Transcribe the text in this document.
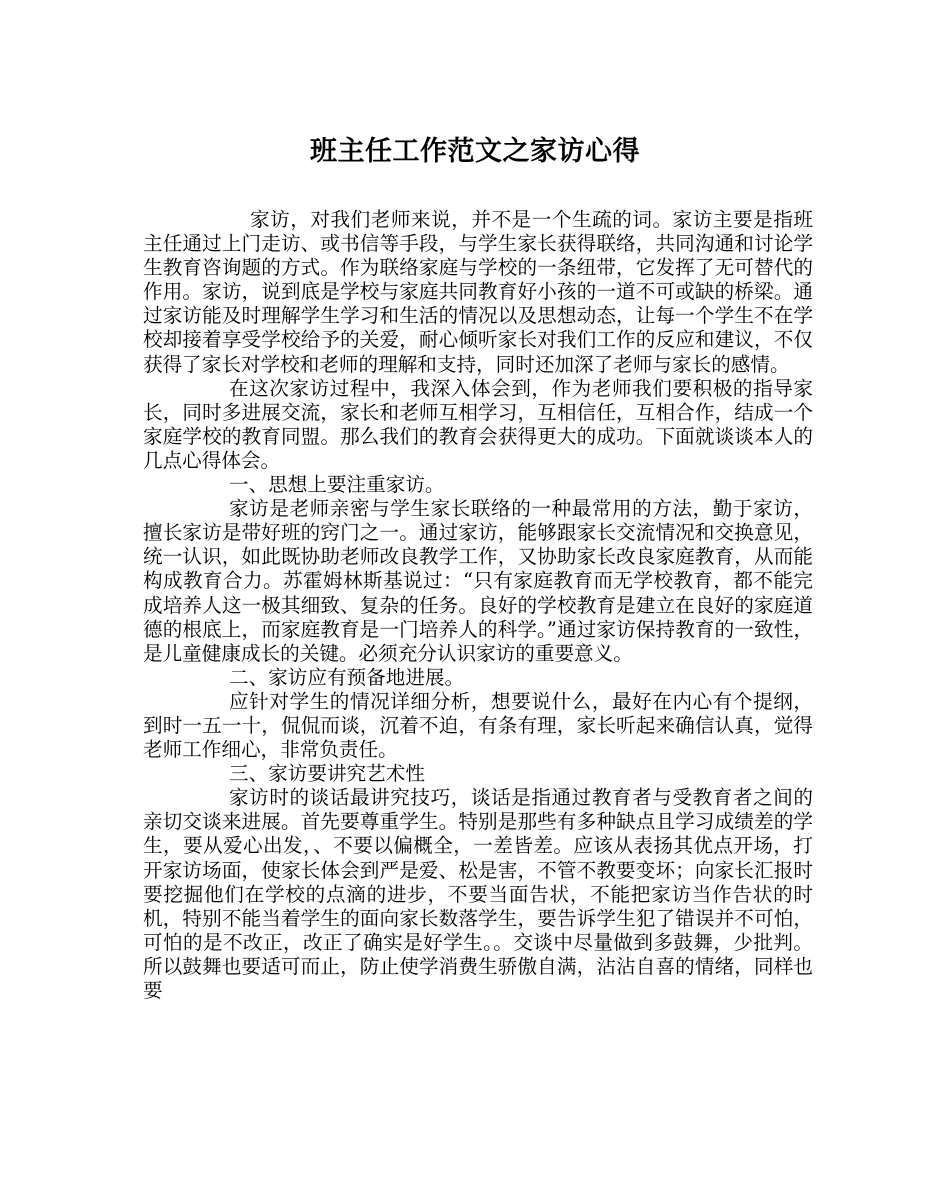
班主任工作范文之家访心得

家访，对我们老师来说，并不是一个生疏的词。家访主要是指班主任通过上门走访、或书信等手段，与学生家长获得联络，共同沟通和讨论学生教育咨询题的方式。作为联络家庭与学校的一条纽带，它发挥了无可替代的作用。家访，说到底是学校与家庭共同教育好小孩的一道不可或缺的桥梁。通过家访能及时理解学生学习和生活的情况以及思想动态，让每一个学生不在学校却接着享受学校给予的关爱，耐心倾听家长对我们工作的反应和建议，不仅获得了家长对学校和老师的理解和支持，同时还加深了老师与家长的感情。

在这次家访过程中，我深入体会到，作为老师我们要积极的指导家长，同时多进展交流，家长和老师互相学习，互相信任，互相合作，结成一个家庭学校的教育同盟。那么我们的教育会获得更大的成功。下面就谈谈本人的几点心得体会。

一、思想上要注重家访。

家访是老师亲密与学生家长联络的一种最常用的方法，勤于家访，擅长家访是带好班的窍门之一。通过家访，能够跟家长交流情况和交换意见，统一认识，如此既协助老师改良教学工作，又协助家长改良家庭教育，从而能构成教育合力。苏霍姆林斯基说过：“只有家庭教育而无学校教育，都不能完成培养人这一极其细致、复杂的任务。良好的学校教育是建立在良好的家庭道德的根底上，而家庭教育是一门培养人的科学。”通过家访保持教育的一致性，是儿童健康成长的关键。必须充分认识家访的重要意义。

二、家访应有预备地进展。

应针对学生的情况详细分析，想要说什么，最好在内心有个提纲，到时一五一十，侃侃而谈，沉着不迫，有条有理，家长听起来确信认真，觉得老师工作细心，非常负责任。

三、家访要讲究艺术性

家访时的谈话最讲究技巧，谈话是指通过教育者与受教育者之间的亲切交谈来进展。首先要尊重学生。特别是那些有多种缺点且学习成绩差的学生，要从爱心出发，、不要以偏概全，一差皆差。应该从表扬其优点开场，打开家访场面，使家长体会到严是爱、松是害，不管不教要变坏；向家长汇报时要挖掘他们在学校的点滴的进步，不要当面告状，不能把家访当作告状的时机，特别不能当着学生的面向家长数落学生，要告诉学生犯了错误并不可怕，可怕的是不改正，改正了确实是好学生。。交谈中尽量做到多鼓舞，少批判。所以鼓舞也要适可而止，防止使学消费生骄傲自满，沾沾自喜的情绪，同样也要
